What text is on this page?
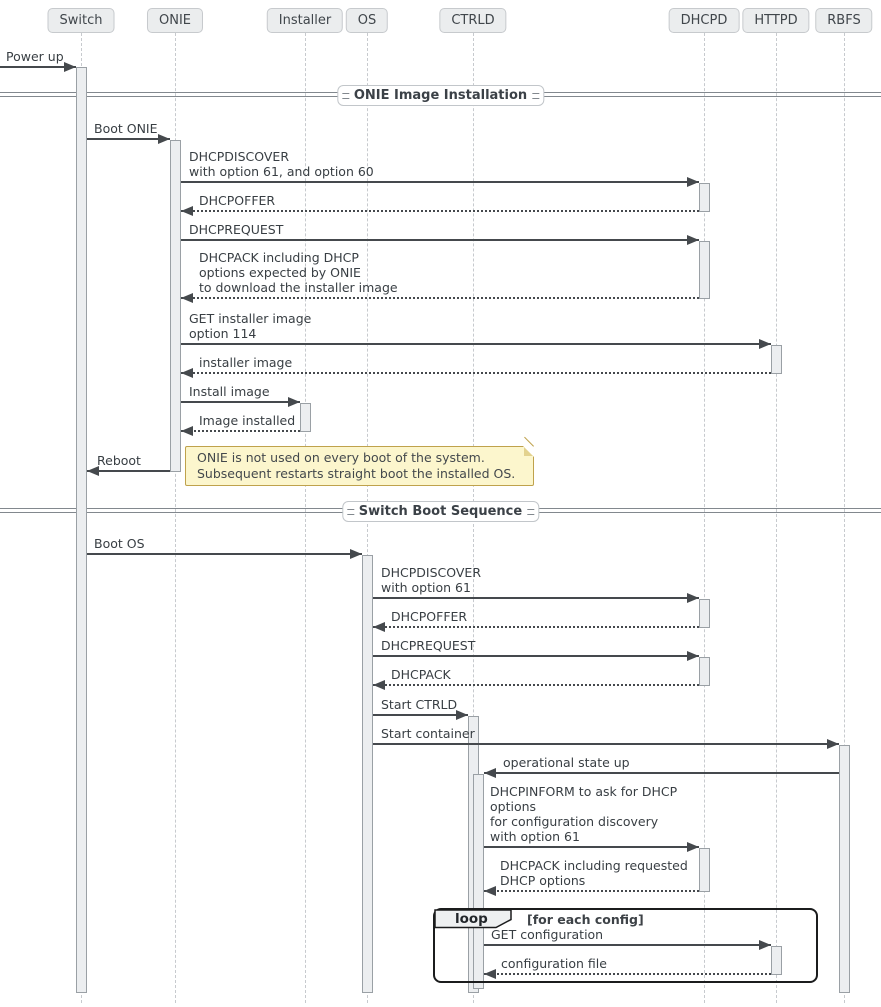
ONIE is not used on every boot of the system.
Subsequent restarts straight boot the installed OS.
loop	[for each config]
Switch	ONIE	Installer	OS	CTRLD	DHCPD	HTTPD	RBFS
ONIE Image Installation
Switch Boot Sequence
Power up
Boot ONIE
DHCPDISCOVER
with option 61, and option 60
DHCPOFFER
DHCPREQUEST
DHCPACK including DHCP
options expected by ONIE
to download the installer image
GET installer image
option 114
installer image
Install image
Image installed
Reboot
Boot OS
DHCPDISCOVER
with option 61
DHCPOFFER
DHCPREQUEST
DHCPACK
Start CTRLD
Start container
operational state up
DHCPINFORM to ask for DHCP
options
for configuration discovery
with option 61
DHCPACK including requested
DHCP options
GET configuration
configuration file
